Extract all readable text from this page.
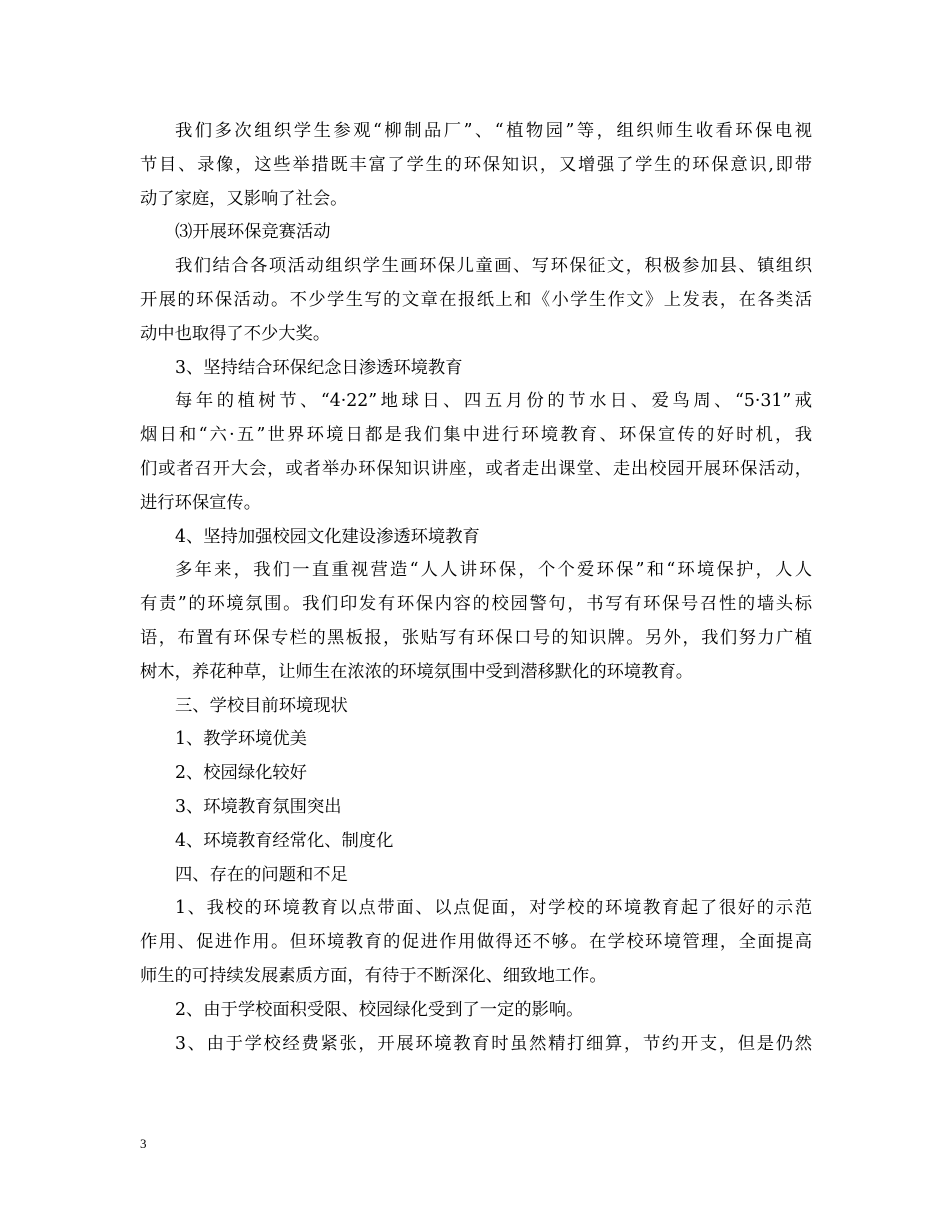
我们多次组织学生参观“柳制品厂”、“植物园”等，组织师生收看环保电视
节目、录像，这些举措既丰富了学生的环保知识，又增强了学生的环保意识,即带
动了家庭，又影响了社会。
⑶开展环保竞赛活动
我们结合各项活动组织学生画环保儿童画、写环保征文，积极参加县、镇组织
开展的环保活动。不少学生写的文章在报纸上和《小学生作文》上发表，在各类活
动中也取得了不少大奖。
3、坚持结合环保纪念日渗透环境教育
每年的植树节、“4·22”地球日、四五月份的节水日、爱鸟周、“5·31”戒
烟日和“六·五”世界环境日都是我们集中进行环境教育、环保宣传的好时机，我
们或者召开大会，或者举办环保知识讲座，或者走出课堂、走出校园开展环保活动，
进行环保宣传。
4、坚持加强校园文化建设渗透环境教育
多年来，我们一直重视营造“人人讲环保，个个爱环保”和“环境保护，人人
有责”的环境氛围。我们印发有环保内容的校园警句，书写有环保号召性的墙头标
语，布置有环保专栏的黑板报，张贴写有环保口号的知识牌。另外，我们努力广植
树木，养花种草，让师生在浓浓的环境氛围中受到潜移默化的环境教育。
三、学校目前环境现状
1、教学环境优美
2、校园绿化较好
3、环境教育氛围突出
4、环境教育经常化、制度化
四、存在的问题和不足
1、我校的环境教育以点带面、以点促面，对学校的环境教育起了很好的示范
作用、促进作用。但环境教育的促进作用做得还不够。在学校环境管理，全面提高
师生的可持续发展素质方面，有待于不断深化、细致地工作。
2、由于学校面积受限、校园绿化受到了一定的影响。
3、由于学校经费紧张，开展环境教育时虽然精打细算，节约开支，但是仍然
3
